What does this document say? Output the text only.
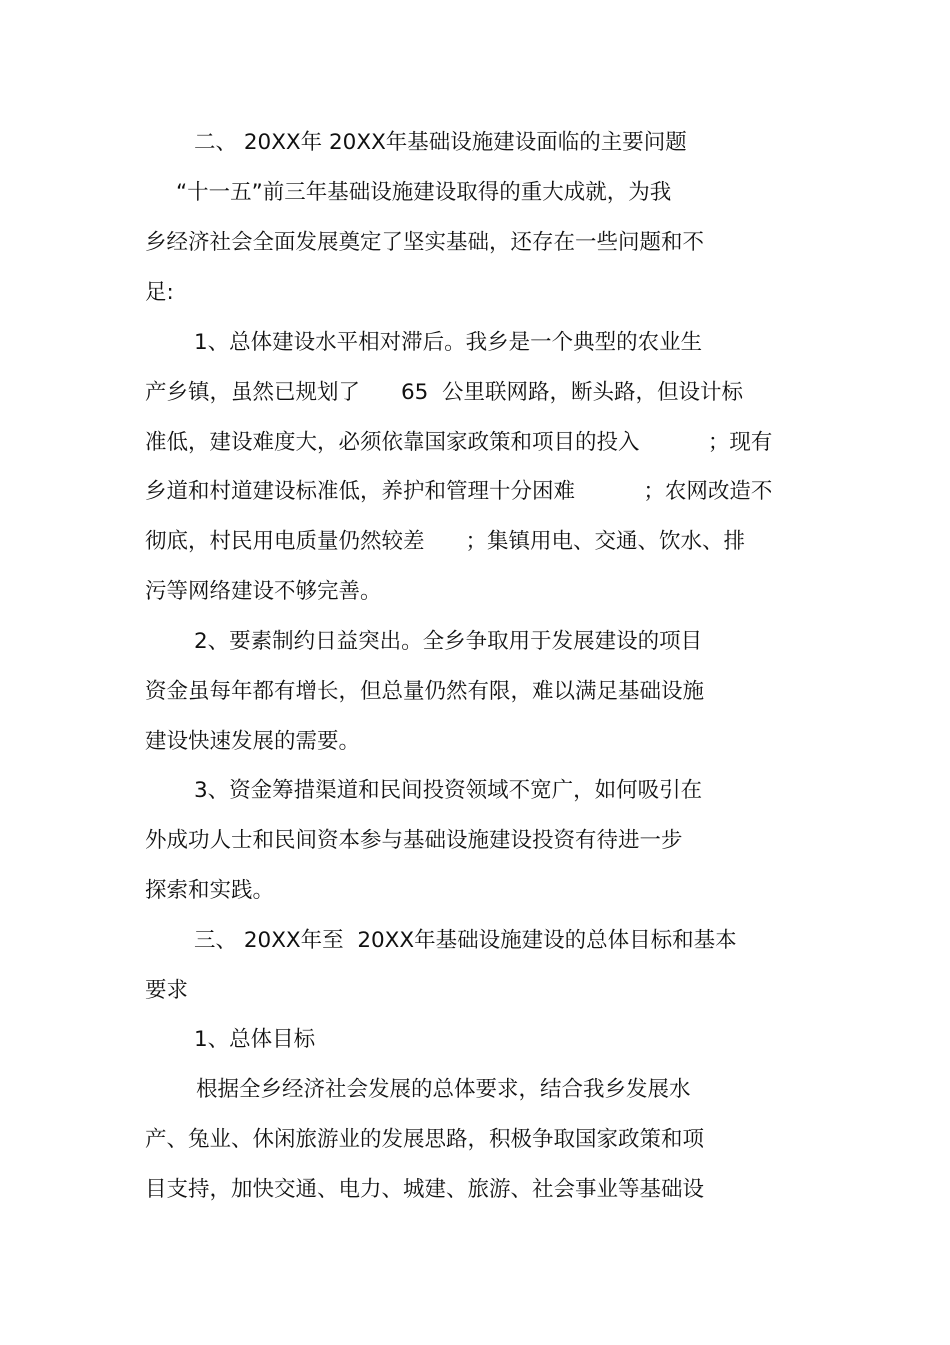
二、 20XX年 20XX年基础设施建设面临的主要问题
“十一五”前三年基础设施建设取得的重大成就，为我
乡经济社会全面发展奠定了坚实基础，还存在一些问题和不
足:
1、总体建设水平相对滞后。我乡是一个典型的农业生
产乡镇，虽然已规划了      65  公里联网路，断头路，但设计标
准低，建设难度大，必须依靠国家政策和项目的投入          ；现有
乡道和村道建设标准低，养护和管理十分困难          ；农网改造不
彻底，村民用电质量仍然较差      ；集镇用电、交通、饮水、排
污等网络建设不够完善。
2、要素制约日益突出。全乡争取用于发展建设的项目
资金虽每年都有增长，但总量仍然有限，难以满足基础设施
建设快速发展的需要。
3、资金筹措渠道和民间投资领域不宽广，如何吸引在
外成功人士和民间资本参与基础设施建设投资有待进一步
探索和实践。
三、 20XX年至  20XX年基础设施建设的总体目标和基本
要求
1、总体目标
根据全乡经济社会发展的总体要求，结合我乡发展水
产、兔业、休闲旅游业的发展思路，积极争取国家政策和项
目支持，加快交通、电力、城建、旅游、社会事业等基础设
